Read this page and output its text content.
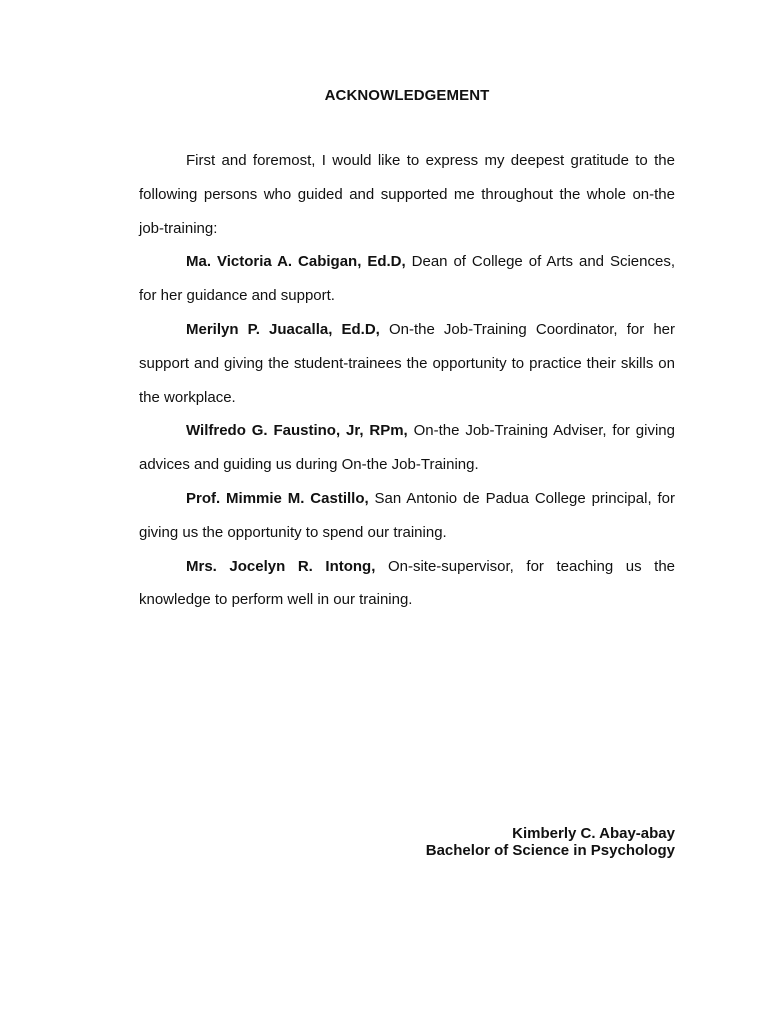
ACKNOWLEDGEMENT

First and foremost, I would like to express my deepest gratitude to the following persons who guided and supported me throughout the whole on-the job-training:

Ma. Victoria A. Cabigan, Ed.D, Dean of College of Arts and Sciences, for her guidance and support.

Merilyn P. Juacalla, Ed.D, On-the Job-Training Coordinator, for her support and giving the student-trainees the opportunity to practice their skills on the workplace.

Wilfredo G. Faustino, Jr, RPm, On-the Job-Training Adviser, for giving advices and guiding us during On-the Job-Training.

Prof. Mimmie M. Castillo, San Antonio de Padua College principal, for giving us the opportunity to spend our training.

Mrs. Jocelyn R. Intong, On-site-supervisor, for teaching us the knowledge to perform well in our training.

Kimberly C. Abay-abay
Bachelor of Science in Psychology
